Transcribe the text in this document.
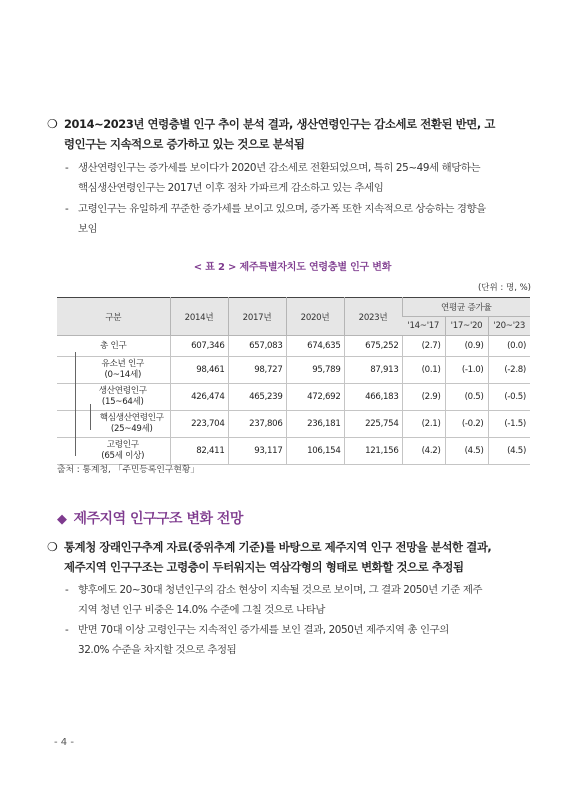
❍ 2014~2023년 연령층별 인구 추이 분석 결과, 생산연령인구는 감소세로 전환된 반면, 고
령인구는 지속적으로 증가하고 있는 것으로 분석됨
- 생산연령인구는 증가세를 보이다가 2020년 감소세로 전환되었으며, 특히 25~49세 해당하는
핵심생산연령인구는 2017년 이후 점차 가파르게 감소하고 있는 추세임
- 고령인구는 유일하게 꾸준한 증가세를 보이고 있으며, 증가폭 또한 지속적으로 상승하는 경향을
보임
< 표 2 > 제주특별자치도 연령층별 인구 변화
(단위 : 명, %)
구분	2014년	2017년	2020년	2023년	연평균 증가율		
					'14~'17	'17~'20	'20~'23

총 인구	607,346	657,083	674,635	675,252	(2.7)	(0.9)	(0.0)

유소년 인구
(0~14세)	98,461	98,727	95,789	87,913	(0.1)	(-1.0)	(-2.8)

생산연령인구
(15~64세)	426,474	465,239	472,692	466,183	(2.9)	(0.5)	(-0.5)

핵심생산연령인구
(25~49세)	223,704	237,806	236,181	225,754	(2.1)	(-0.2)	(-1.5)

고령인구
(65세 이상)	82,411	93,117	106,154	121,156	(4.2)	(4.5)	(4.5)
출처 : 통계청, 「주민등록인구현황」
◆ 제주지역 인구구조 변화 전망
❍ 통계청 장래인구추계 자료(중위추계 기준)를 바탕으로 제주지역 인구 전망을 분석한 결과,
제주지역 인구구조는 고령층이 두터워지는 역삼각형의 형태로 변화할 것으로 추정됨
- 향후에도 20~30대 청년인구의 감소 현상이 지속될 것으로 보이며, 그 결과 2050년 기준 제주
지역 청년 인구 비중은 14.0% 수준에 그칠 것으로 나타남
- 반면 70대 이상 고령인구는 지속적인 증가세를 보인 결과, 2050년 제주지역 총 인구의
32.0% 수준을 차지할 것으로 추정됨
- 4 -
